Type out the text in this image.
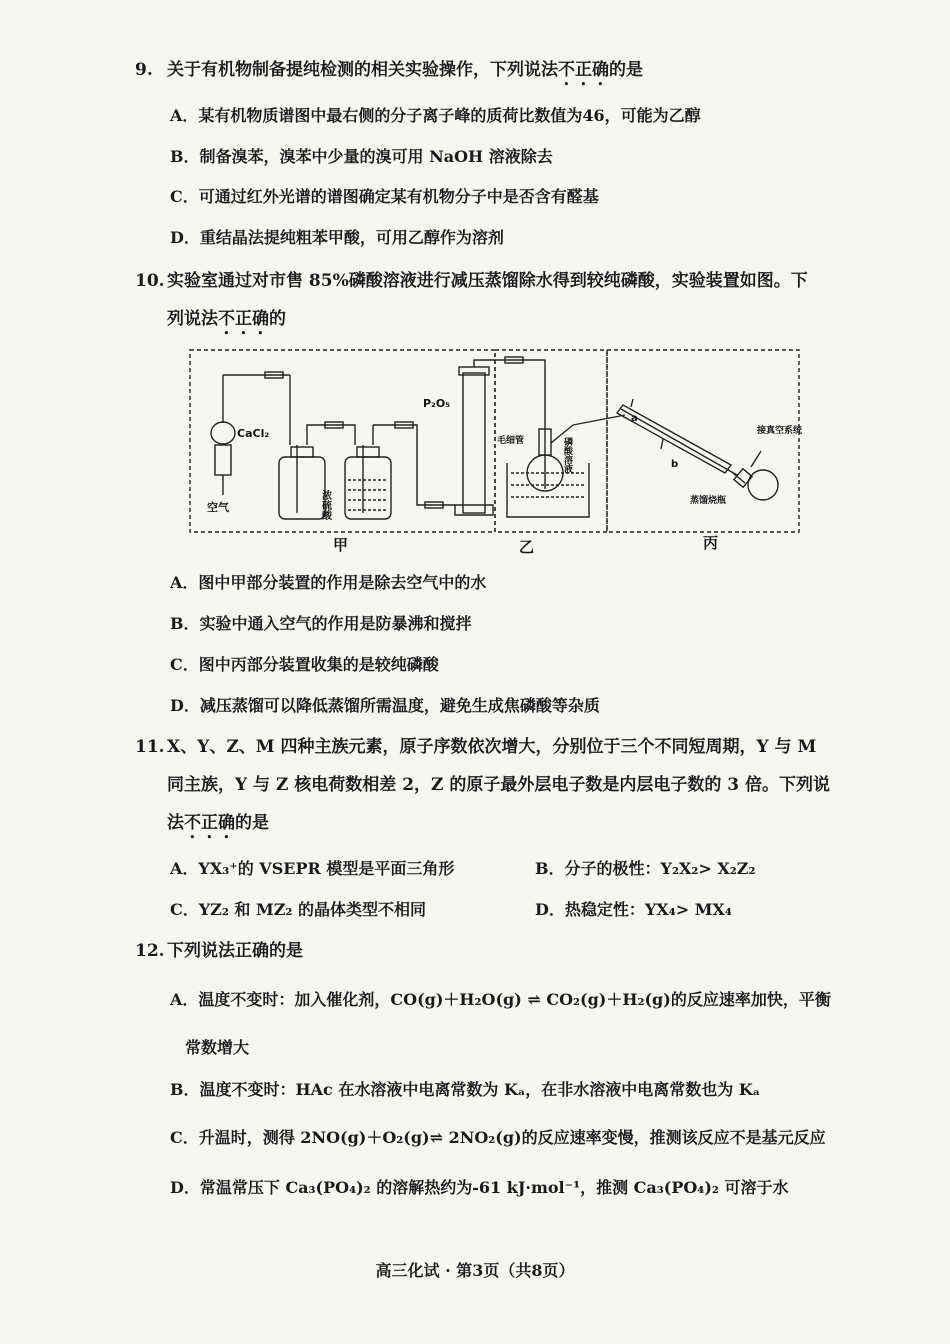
9. 关于有机物制备提纯检测的相关实验操作，下列说法不正确的是
A．某有机物质谱图中最右侧的分子离子峰的质荷比数值为46，可能为乙醇
B．制备溴苯，溴苯中少量的溴可用 NaOH 溶液除去
C．可通过红外光谱的谱图确定某有机物分子中是否含有醛基
D．重结晶法提纯粗苯甲酸，可用乙醇作为溶剂
10. 实验室通过对市售 85%磷酸溶液进行减压蒸馏除水得到较纯磷酸，实验装置如图。下
列说法不正确的
CaCl₂
空气	浓硫酸
P₂O₅
毛细管	磷酸溶液
a
b
接真空系统
蒸馏烧瓶
甲	乙	丙
A．图中甲部分装置的作用是除去空气中的水
B．实验中通入空气的作用是防暴沸和搅拌
C．图中丙部分装置收集的是较纯磷酸
D．减压蒸馏可以降低蒸馏所需温度，避免生成焦磷酸等杂质
11. X、Y、Z、M 四种主族元素，原子序数依次增大，分别位于三个不同短周期，Y 与 M
同主族，Y 与 Z 核电荷数相差 2，Z 的原子最外层电子数是内层电子数的 3 倍。下列说
法不正确的是
A．YX₃⁺的 VSEPR 模型是平面三角形	B．分子的极性：Y₂X₂> X₂Z₂
C．YZ₂ 和 MZ₂ 的晶体类型不相同	D．热稳定性：YX₄> MX₄
12. 下列说法正确的是
A．温度不变时：加入催化剂，CO(g)＋H₂O(g) ⇌ CO₂(g)＋H₂(g)的反应速率加快，平衡
常数增大
B．温度不变时：HAc 在水溶液中电离常数为 Kₐ，在非水溶液中电离常数也为 Kₐ
C．升温时，测得 2NO(g)＋O₂(g)⇌ 2NO₂(g)的反应速率变慢，推测该反应不是基元反应
D．常温常压下 Ca₃(PO₄)₂ 的溶解热约为-61 kJ·mol⁻¹，推测 Ca₃(PO₄)₂ 可溶于水
高三化试 · 第3页（共8页）
